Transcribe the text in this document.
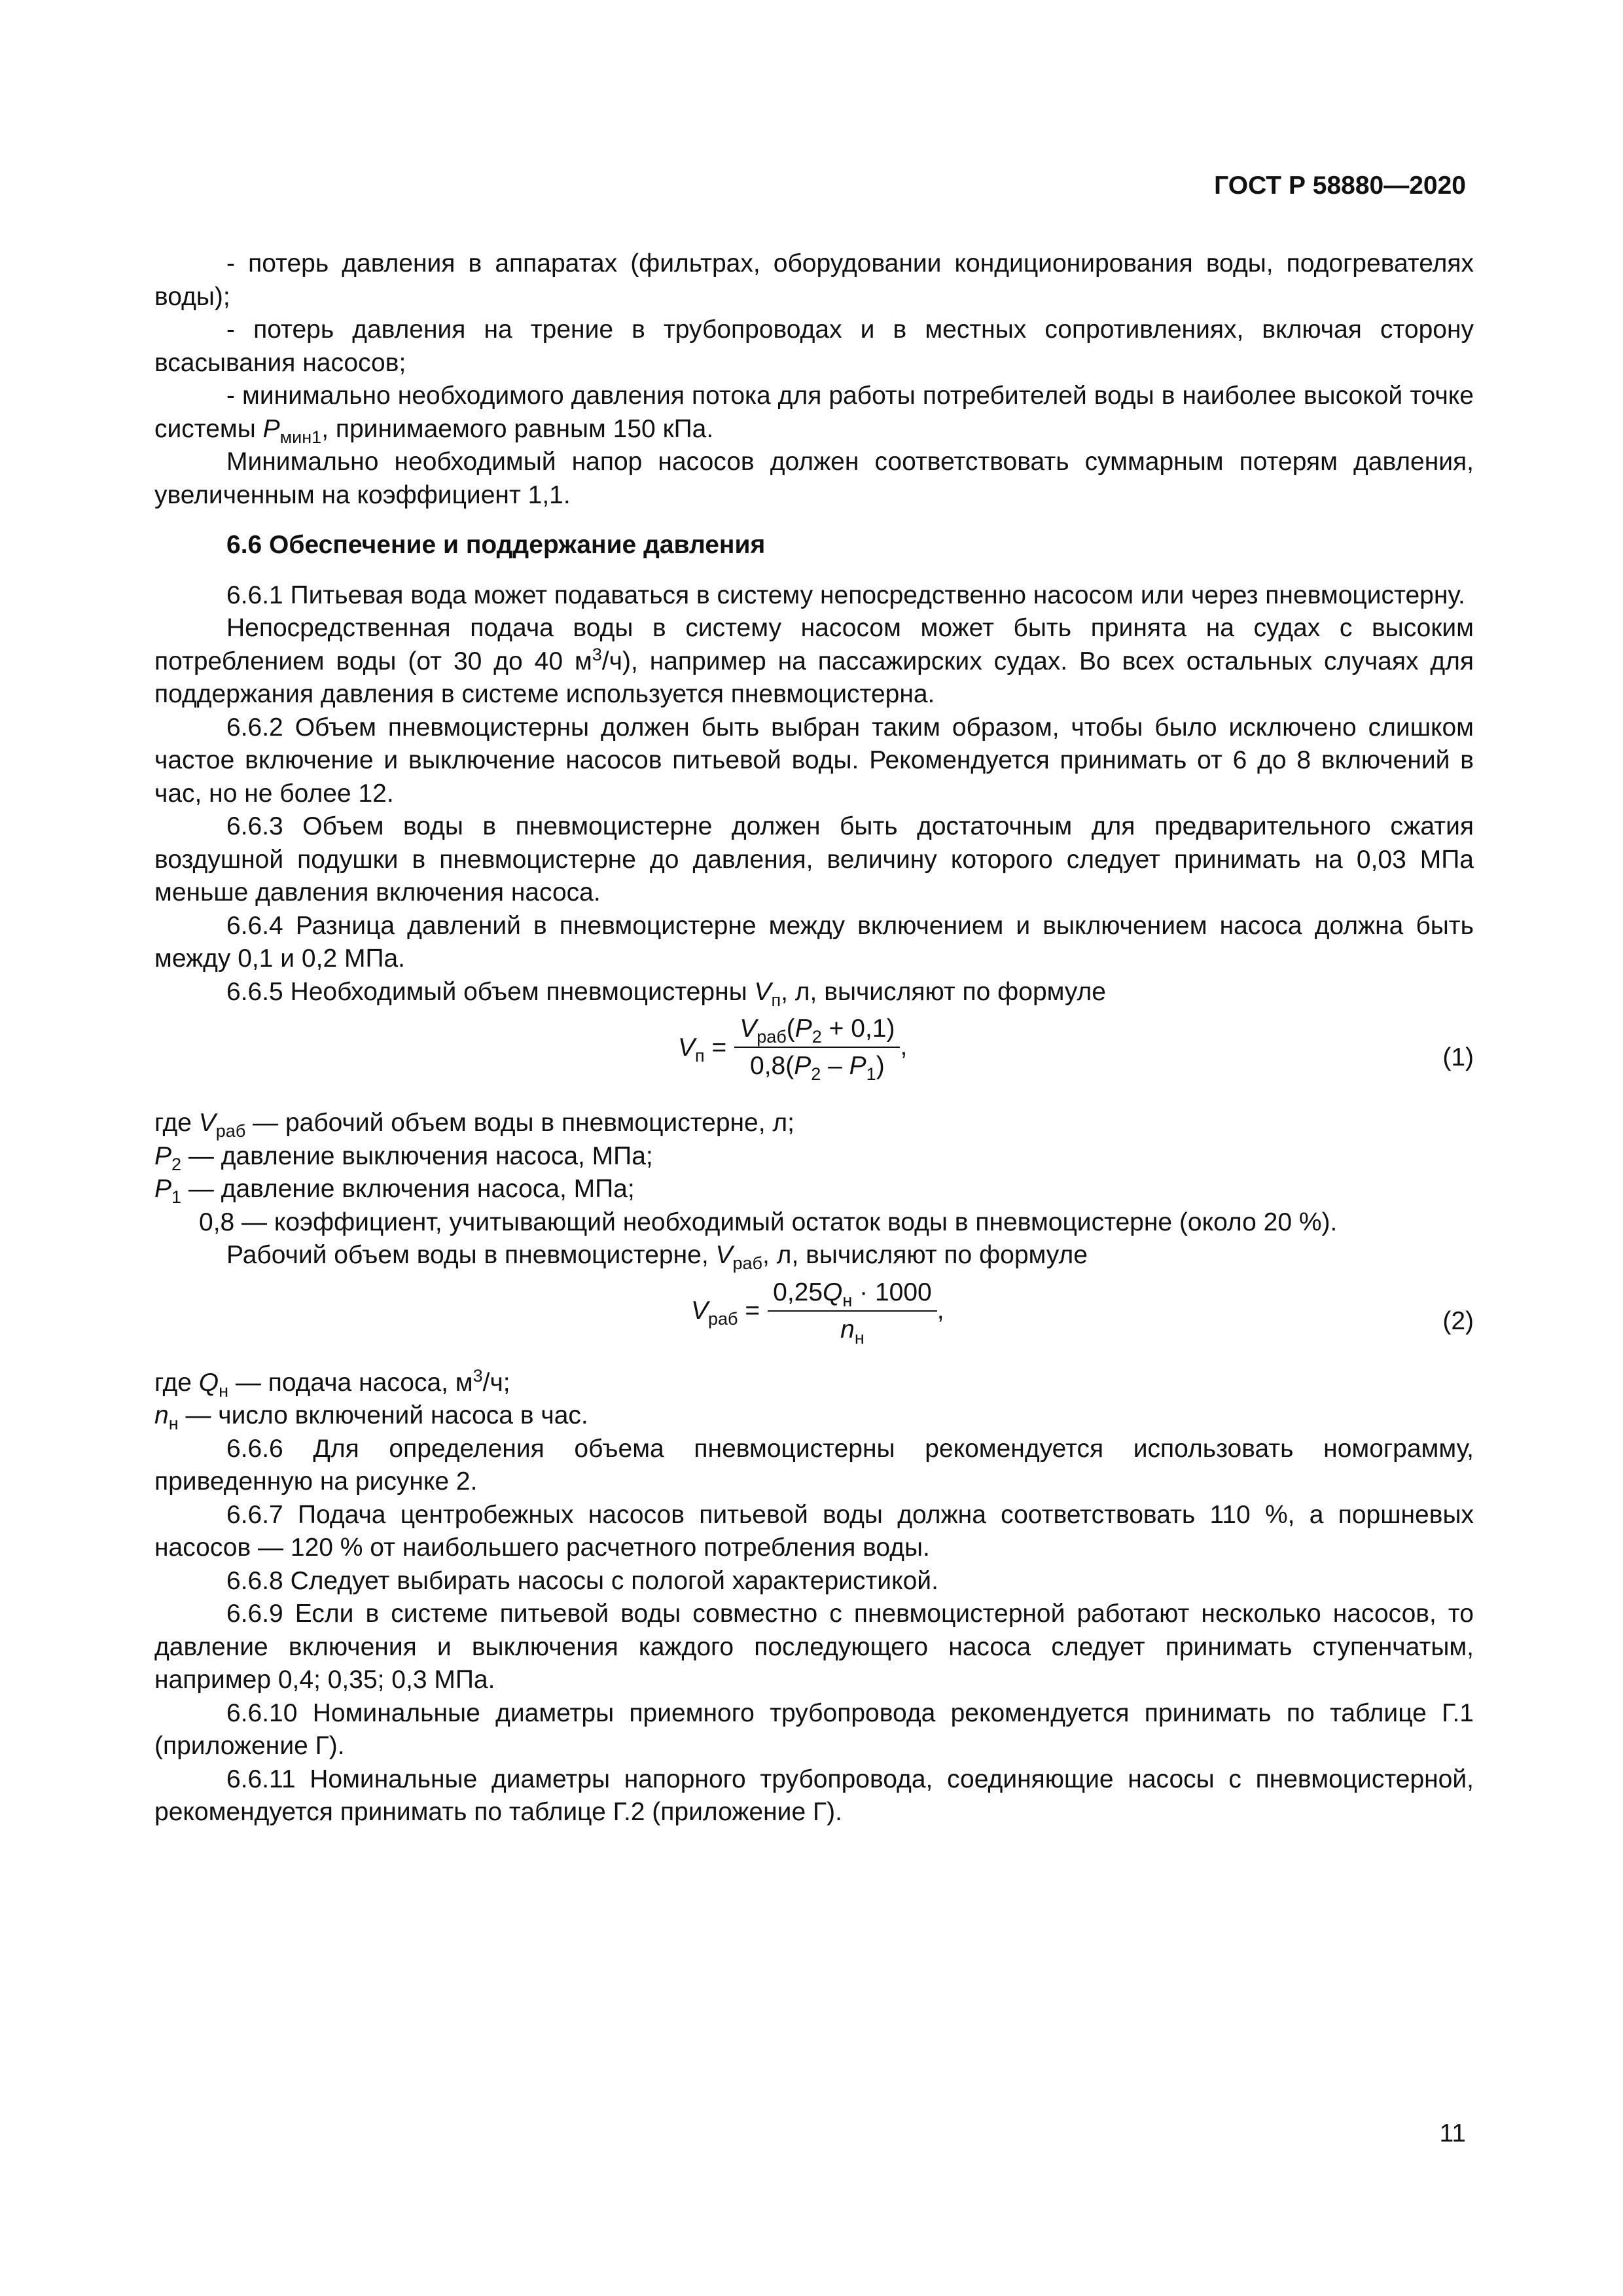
ГОСТ Р 58880—2020

- потерь давления в аппаратах (фильтрах, оборудовании кондиционирования воды, подогревателях воды);

- потерь давления на трение в трубопроводах и в местных сопротивлениях, включая сторону всасывания насосов;

- минимально необходимого давления потока для работы потребителей воды в наиболее высокой точке системы $P_{мин1}$, принимаемого равным 150 кПа.

Минимально необходимый напор насосов должен соответствовать суммарным потерям давления, увеличенным на коэффициент 1,1.

6.6 Обеспечение и поддержание давления

6.6.1 Питьевая вода может подаваться в систему непосредственно насосом или через пневмоцистерну.

Непосредственная подача воды в систему насосом может быть принята на судах с высоким потреблением воды (от 30 до 40 $м^3/ч$), например на пассажирских судах. Во всех остальных случаях для поддержания давления в системе используется пневмоцистерна.

6.6.2 Объем пневмоцистерны должен быть выбран таким образом, чтобы было исключено слишком частое включение и выключение насосов питьевой воды. Рекомендуется принимать от 6 до 8 включений в час, но не более 12.

6.6.3 Объем воды в пневмоцистерне должен быть достаточным для предварительного сжатия воздушной подушки в пневмоцистерне до давления, величину которого следует принимать на 0,03 МПа меньше давления включения насоса.

6.6.4 Разница давлений в пневмоцистерне между включением и выключением насоса должна быть между 0,1 и 0,2 МПа.

6.6.5 Необходимый объем пневмоцистерны $V_п$, л, вычисляют по формуле

$V_п = \frac{V_{раб}(P_2 + 0,1)}{0,8(P_2 - P_1)}$ ,	(1)

где $V_{раб}$ — рабочий объем воды в пневмоцистерне, л;

$P_2$ — давление выключения насоса, МПа;

$P_1$ — давление включения насоса, МПа;

0,8 — коэффициент, учитывающий необходимый остаток воды в пневмоцистерне (около 20 %).

Рабочий объем воды в пневмоцистерне, $V_{раб}$, л, вычисляют по формуле

$V_{раб} = \frac{0,25Q_н \cdot 1000}{n_н}$ ,	(2)

где $Q_н$ — подача насоса, $м^3/ч$;

$n_н$ — число включений насоса в час.

6.6.6 Для определения объема пневмоцистерны рекомендуется использовать номограмму, приведенную на рисунке 2.

6.6.7 Подача центробежных насосов питьевой воды должна соответствовать 110 %, а поршневых насосов — 120 % от наибольшего расчетного потребления воды.

6.6.8 Следует выбирать насосы с пологой характеристикой.

6.6.9 Если в системе питьевой воды совместно с пневмоцистерной работают несколько насосов, то давление включения и выключения каждого последующего насоса следует принимать ступенчатым, например 0,4; 0,35; 0,3 МПа.

6.6.10 Номинальные диаметры приемного трубопровода рекомендуется принимать по таблице Г.1 (приложение Г).

6.6.11 Номинальные диаметры напорного трубопровода, соединяющие насосы с пневмоцистерной, рекомендуется принимать по таблице Г.2 (приложение Г).

11
